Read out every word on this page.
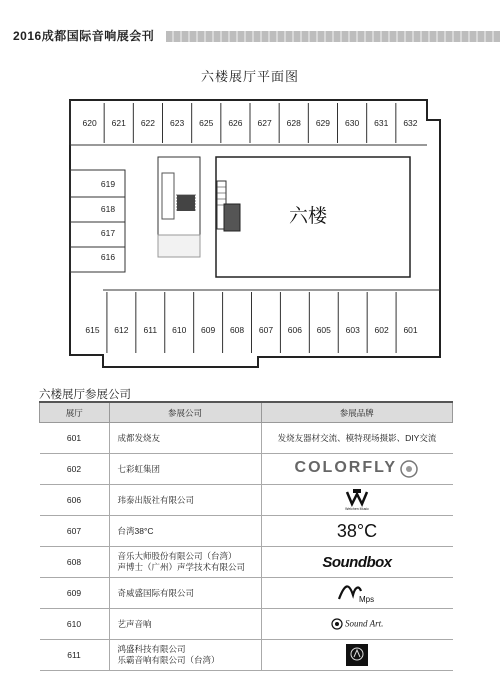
2016成都国际音响展会刊
六楼展厅平面图
六楼
620 621 622 623 625 626 627 628 629 630 631 632
619
618
617
616
615 612 611 610 609 608 607 606 605 603 602 601
六楼展厅参展公司
展厅	参展公司	参展品牌
601	成都发烧友	发烧友器材交流、模特现场摄影、DIY交流
602	七彩虹集团	COLORFLY
606	玮泰出版社有限公司	Welchen Music

607	台湾38°C	38°C
608	音乐大师股份有限公司（台湾）
声博士（广州）声学技术有限公司	Soundbox
609	奇威盛国际有限公司	Mps

610	艺声音响	Sound Art.
611	鸿盛科技有限公司
乐霸音响有限公司（台湾）
